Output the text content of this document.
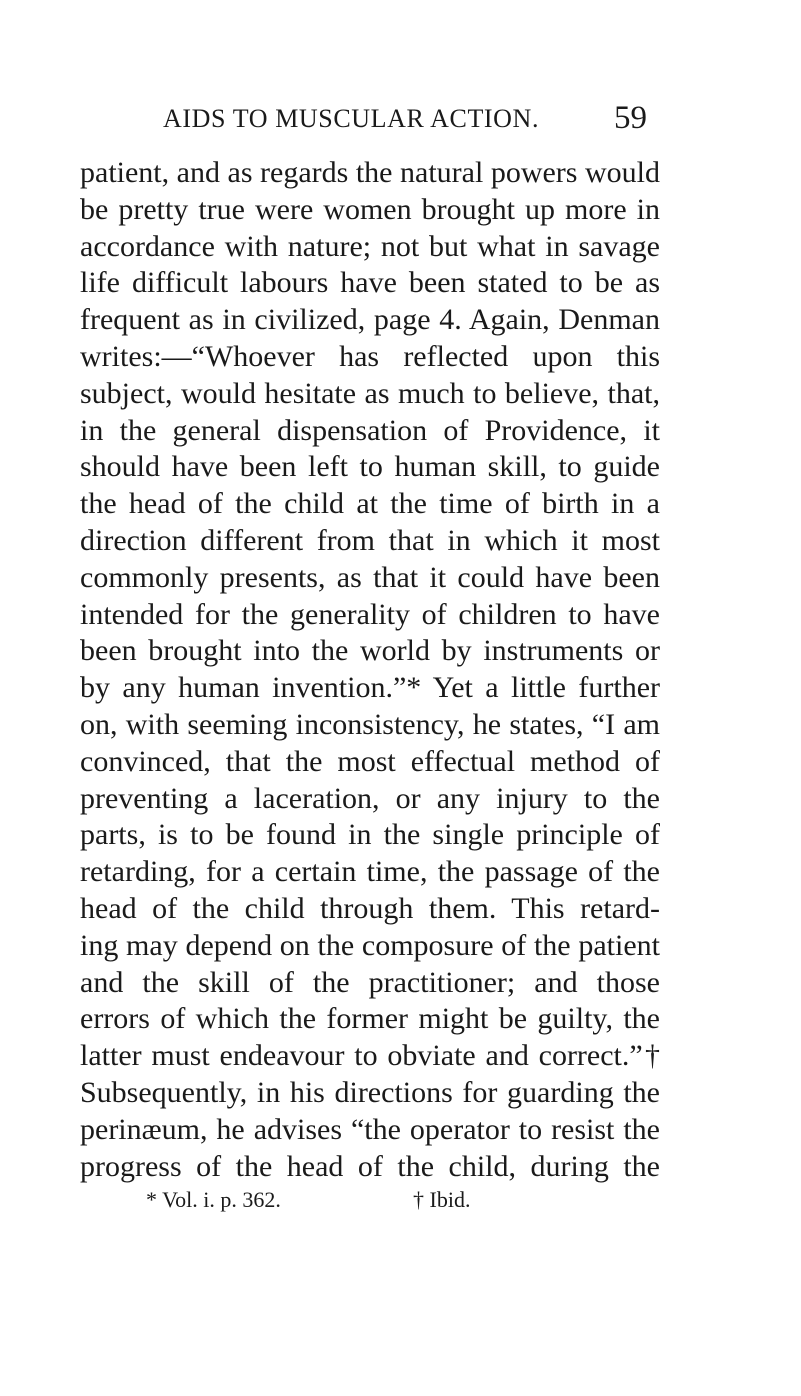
AIDS TO MUSCULAR ACTION. 59
patient, and as regards the natural powers would
be pretty true were women brought up more in
accordance with nature; not but what in savage
life difficult labours have been stated to be as
frequent as in civilized, page 4. Again, Denman
writes:—“Whoever has reflected upon this
subject, would hesitate as much to believe, that,
in the general dispensation of Providence, it
should have been left to human skill, to guide
the head of the child at the time of birth in a
direction different from that in which it most
commonly presents, as that it could have been
intended for the generality of children to have
been brought into the world by instruments or
by any human invention.”* Yet a little further
on, with seeming inconsistency, he states, “I am
convinced, that the most effectual method of
preventing a laceration, or any injury to the
parts, is to be found in the single principle of
retarding, for a certain time, the passage of the
head of the child through them. This retard-
ing may depend on the composure of the patient
and the skill of the practitioner; and those
errors of which the former might be guilty, the
latter must endeavour to obviate and correct.”†
Subsequently, in his directions for guarding the
perinæum, he advises “the operator to resist the
progress of the head of the child, during the
* Vol. i. p. 362.	† Ibid.
